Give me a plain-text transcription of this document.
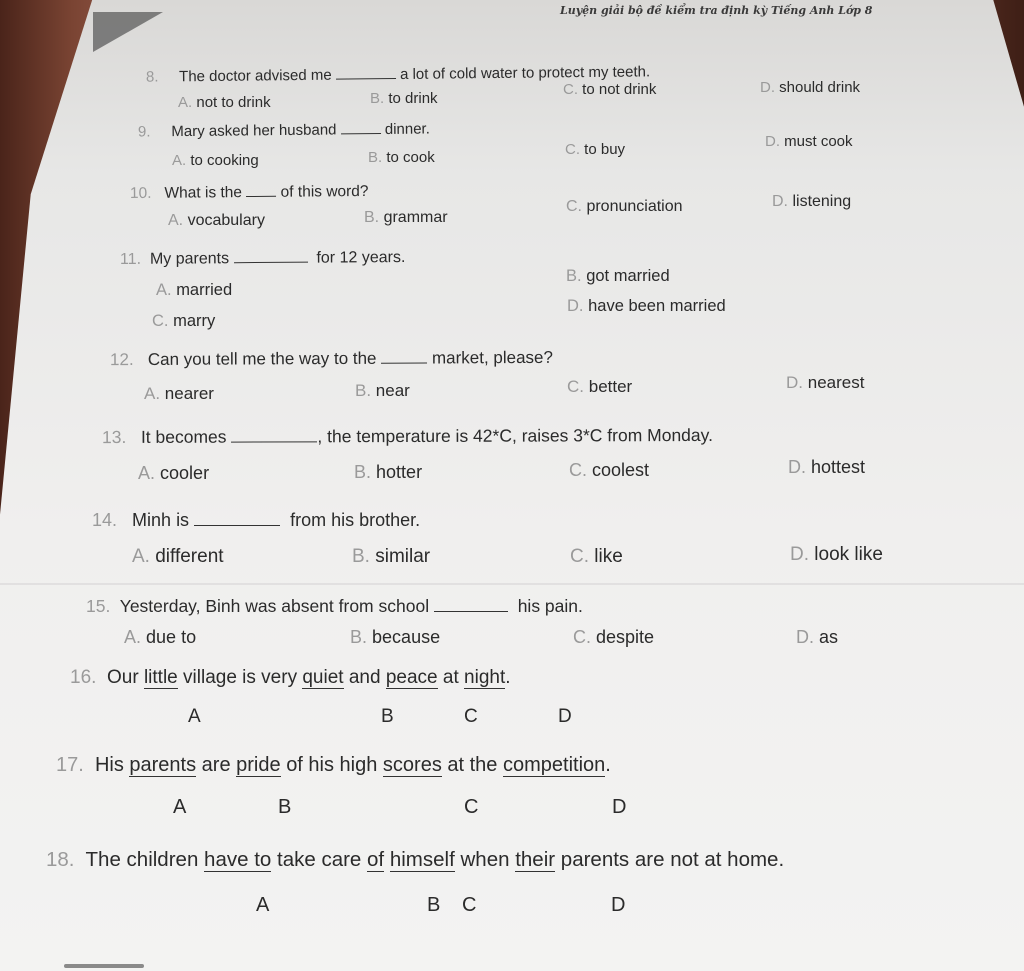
Luyện giải bộ đề kiểm tra định kỳ Tiếng Anh Lớp 8
8. The doctor advised me	a lot of cold water to protect my teeth.
A. not to drink	B. to drink
C. to not drink	D. should drink
9. Mary asked her husband	dinner.
A. to cooking	B. to cook	C. to buy	D. must cook
10. What is the of this word?
A. vocabulary	B. grammar
C. pronunciation	D. listening
11. My parents	for 12 years.
A. married
B. got married
C. marry
D. have been married
12. Can you tell me the way to the	market, please?
A. nearer	B. near	C. better	D. nearest
13. It becomes	, the temperature is 42*C, raises 3*C from Monday.
A. cooler	B. hotter	C. coolest	D. hottest
14. Minh is	from his brother.
A. different	B. similar	C. like	D. look like
15. Yesterday, Binh was absent from school	his pain.
A. due to	B. because	C. despite	D. as
16. Our little village is very quiet and peace at night.
A	B	C	D
17. His parents are pride of his high scores at the competition.
A	B	C	D
18. The children have to take care of himself when their parents are not at home.
A	B C	D
